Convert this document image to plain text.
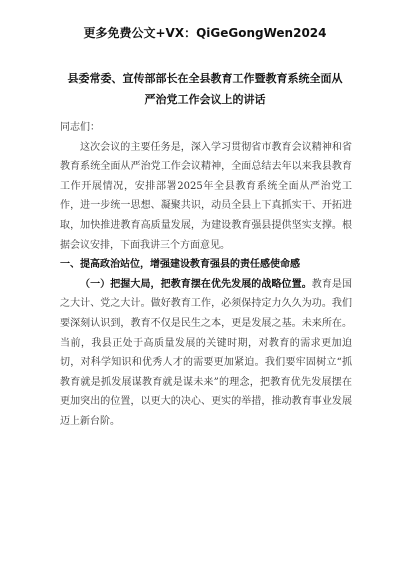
更多免费公文+VX：QiGeGongWen2024
县委常委、宣传部部长在全县教育工作暨教育系统全面从
严治党工作会议上的讲话

同志们：

这次会议的主要任务是，深入学习贯彻省市教育会议精神和省教育系统全面从严治党工作会议精神，全面总结去年以来我县教育工作开展情况，安排部署2025年全县教育系统全面从严治党工作，进一步统一思想、凝聚共识，动员全县上下真抓实干、开拓进取，加快推进教育高质量发展，为建设教育强县提供坚实支撑。根据会议安排，下面我讲三个方面意见。

一、提高政治站位，增强建设教育强县的责任感使命感

（一）把握大局，把教育摆在优先发展的战略位置。教育是国之大计、党之大计。做好教育工作，必须保持定力久久为功。我们要深刻认识到，教育不仅是民生之本，更是发展之基。未来所在。当前，我县正处于高质量发展的关键时期，对教育的需求更加迫切，对科学知识和优秀人才的需要更加紧迫。我们要牢固树立“抓教育就是抓发展谋教育就是谋未来”的理念，把教育优先发展摆在更加突出的位置，以更大的决心、更实的举措，推动教育事业发展迈上新台阶。
